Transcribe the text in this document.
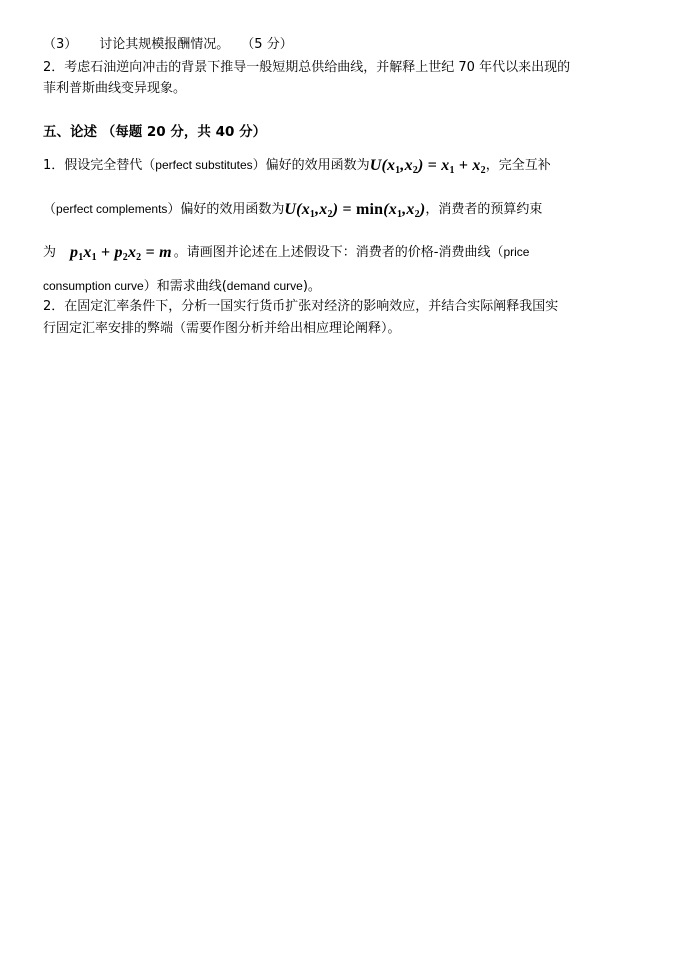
（3） 讨论其规模报酬情况。 （5 分）
2．考虑石油逆向冲击的背景下推导一般短期总供给曲线，并解释上世纪 70 年代以来出现的
菲利普斯曲线变异现象。
五、论述 （每题 20 分，共 40 分）
1．假设完全替代（perfect substitutes）偏好的效用函数为$U(x_1,x_2) = x_1 + x_2$，完全互补
（perfect complements）偏好的效用函数为$U(x_1,x_2) = \min(x_1,x_2)$，消费者的预算约束
为 $p_1x_1 + p_2x_2 = m$ 。请画图并论述在上述假设下：消费者的价格-消费曲线（price
consumption curve）和需求曲线(demand curve)。
2．在固定汇率条件下，分析一国实行货币扩张对经济的影响效应，并结合实际阐释我国实
行固定汇率安排的弊端（需要作图分析并给出相应理论阐释）。
